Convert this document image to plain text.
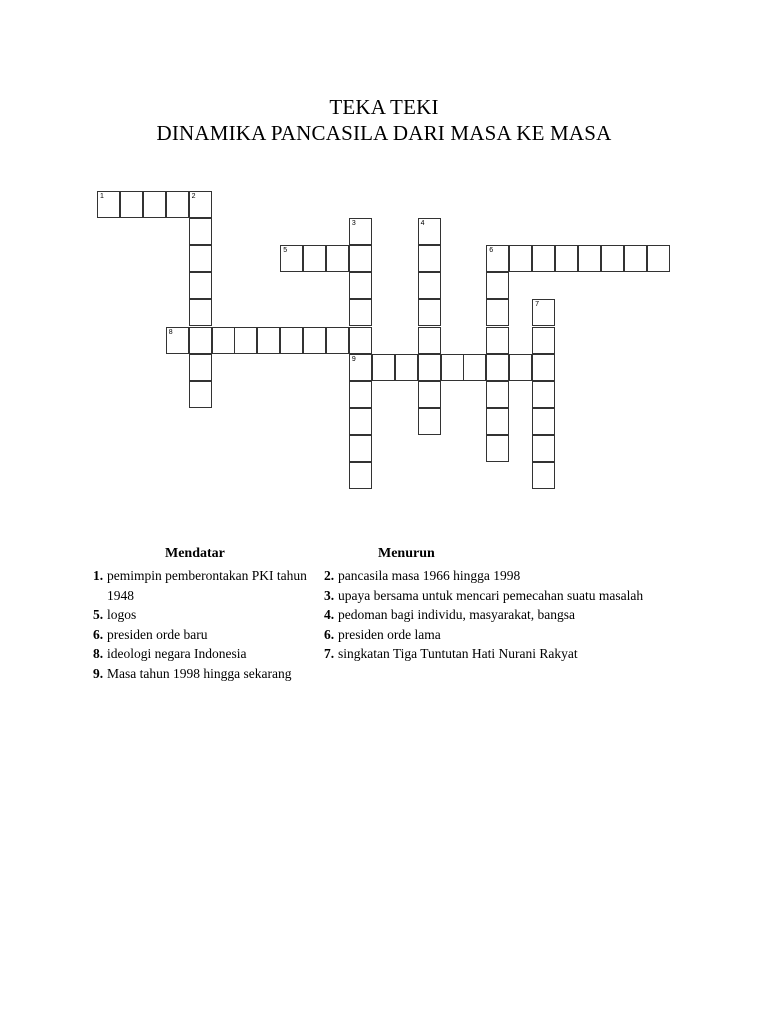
TEKA TEKI
DINAMIKA PANCASILA DARI MASA KE MASA
1	2
5	6
8
9
3	4
7
Mendatar	Menurun
1. pemimpin pemberontakan PKI tahun 1948
5. logos
6. presiden orde baru
8. ideologi negara Indonesia
9. Masa tahun 1998 hingga sekarang
2. pancasila masa 1966 hingga 1998
3. upaya bersama untuk mencari pemecahan suatu masalah
4. pedoman bagi individu, masyarakat, bangsa
6. presiden orde lama
7. singkatan Tiga Tuntutan Hati Nurani Rakyat
